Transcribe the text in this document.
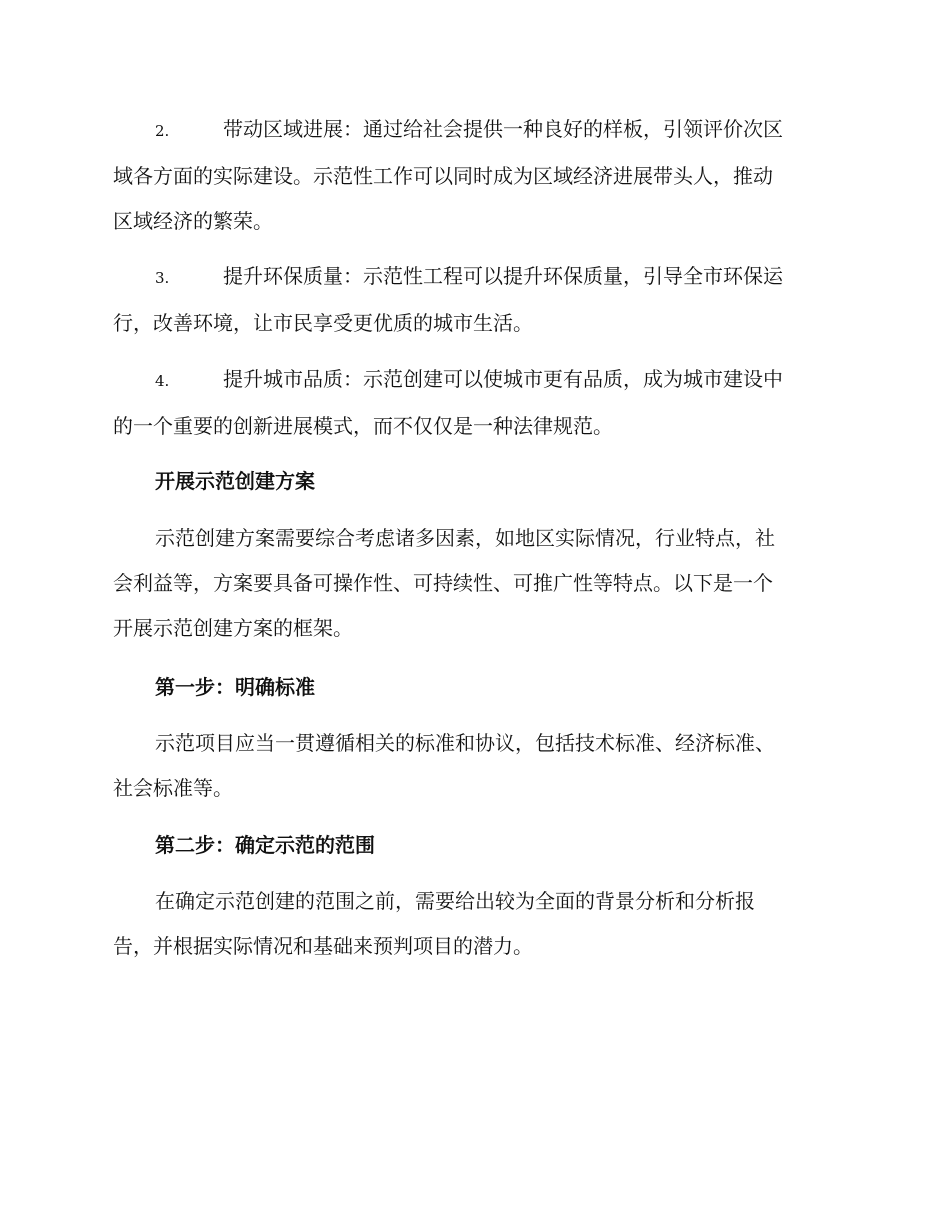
2.	带动区域进展：通过给社会提供一种良好的样板，引领评价次区

域各方面的实际建设。示范性工作可以同时成为区域经济进展带头人，推动

区域经济的繁荣。

3.	提升环保质量：示范性工程可以提升环保质量，引导全市环保运

行，改善环境，让市民享受更优质的城市生活。

4.	提升城市品质：示范创建可以使城市更有品质，成为城市建设中

的一个重要的创新进展模式，而不仅仅是一种法律规范。

开展示范创建方案

示范创建方案需要综合考虑诸多因素，如地区实际情况，行业特点，社

会利益等，方案要具备可操作性、可持续性、可推广性等特点。以下是一个

开展示范创建方案的框架。

第一步：明确标准

示范项目应当一贯遵循相关的标准和协议，包括技术标准、经济标准、

社会标准等。

第二步：确定示范的范围

在确定示范创建的范围之前，需要给出较为全面的背景分析和分析报

告，并根据实际情况和基础来预判项目的潜力。
